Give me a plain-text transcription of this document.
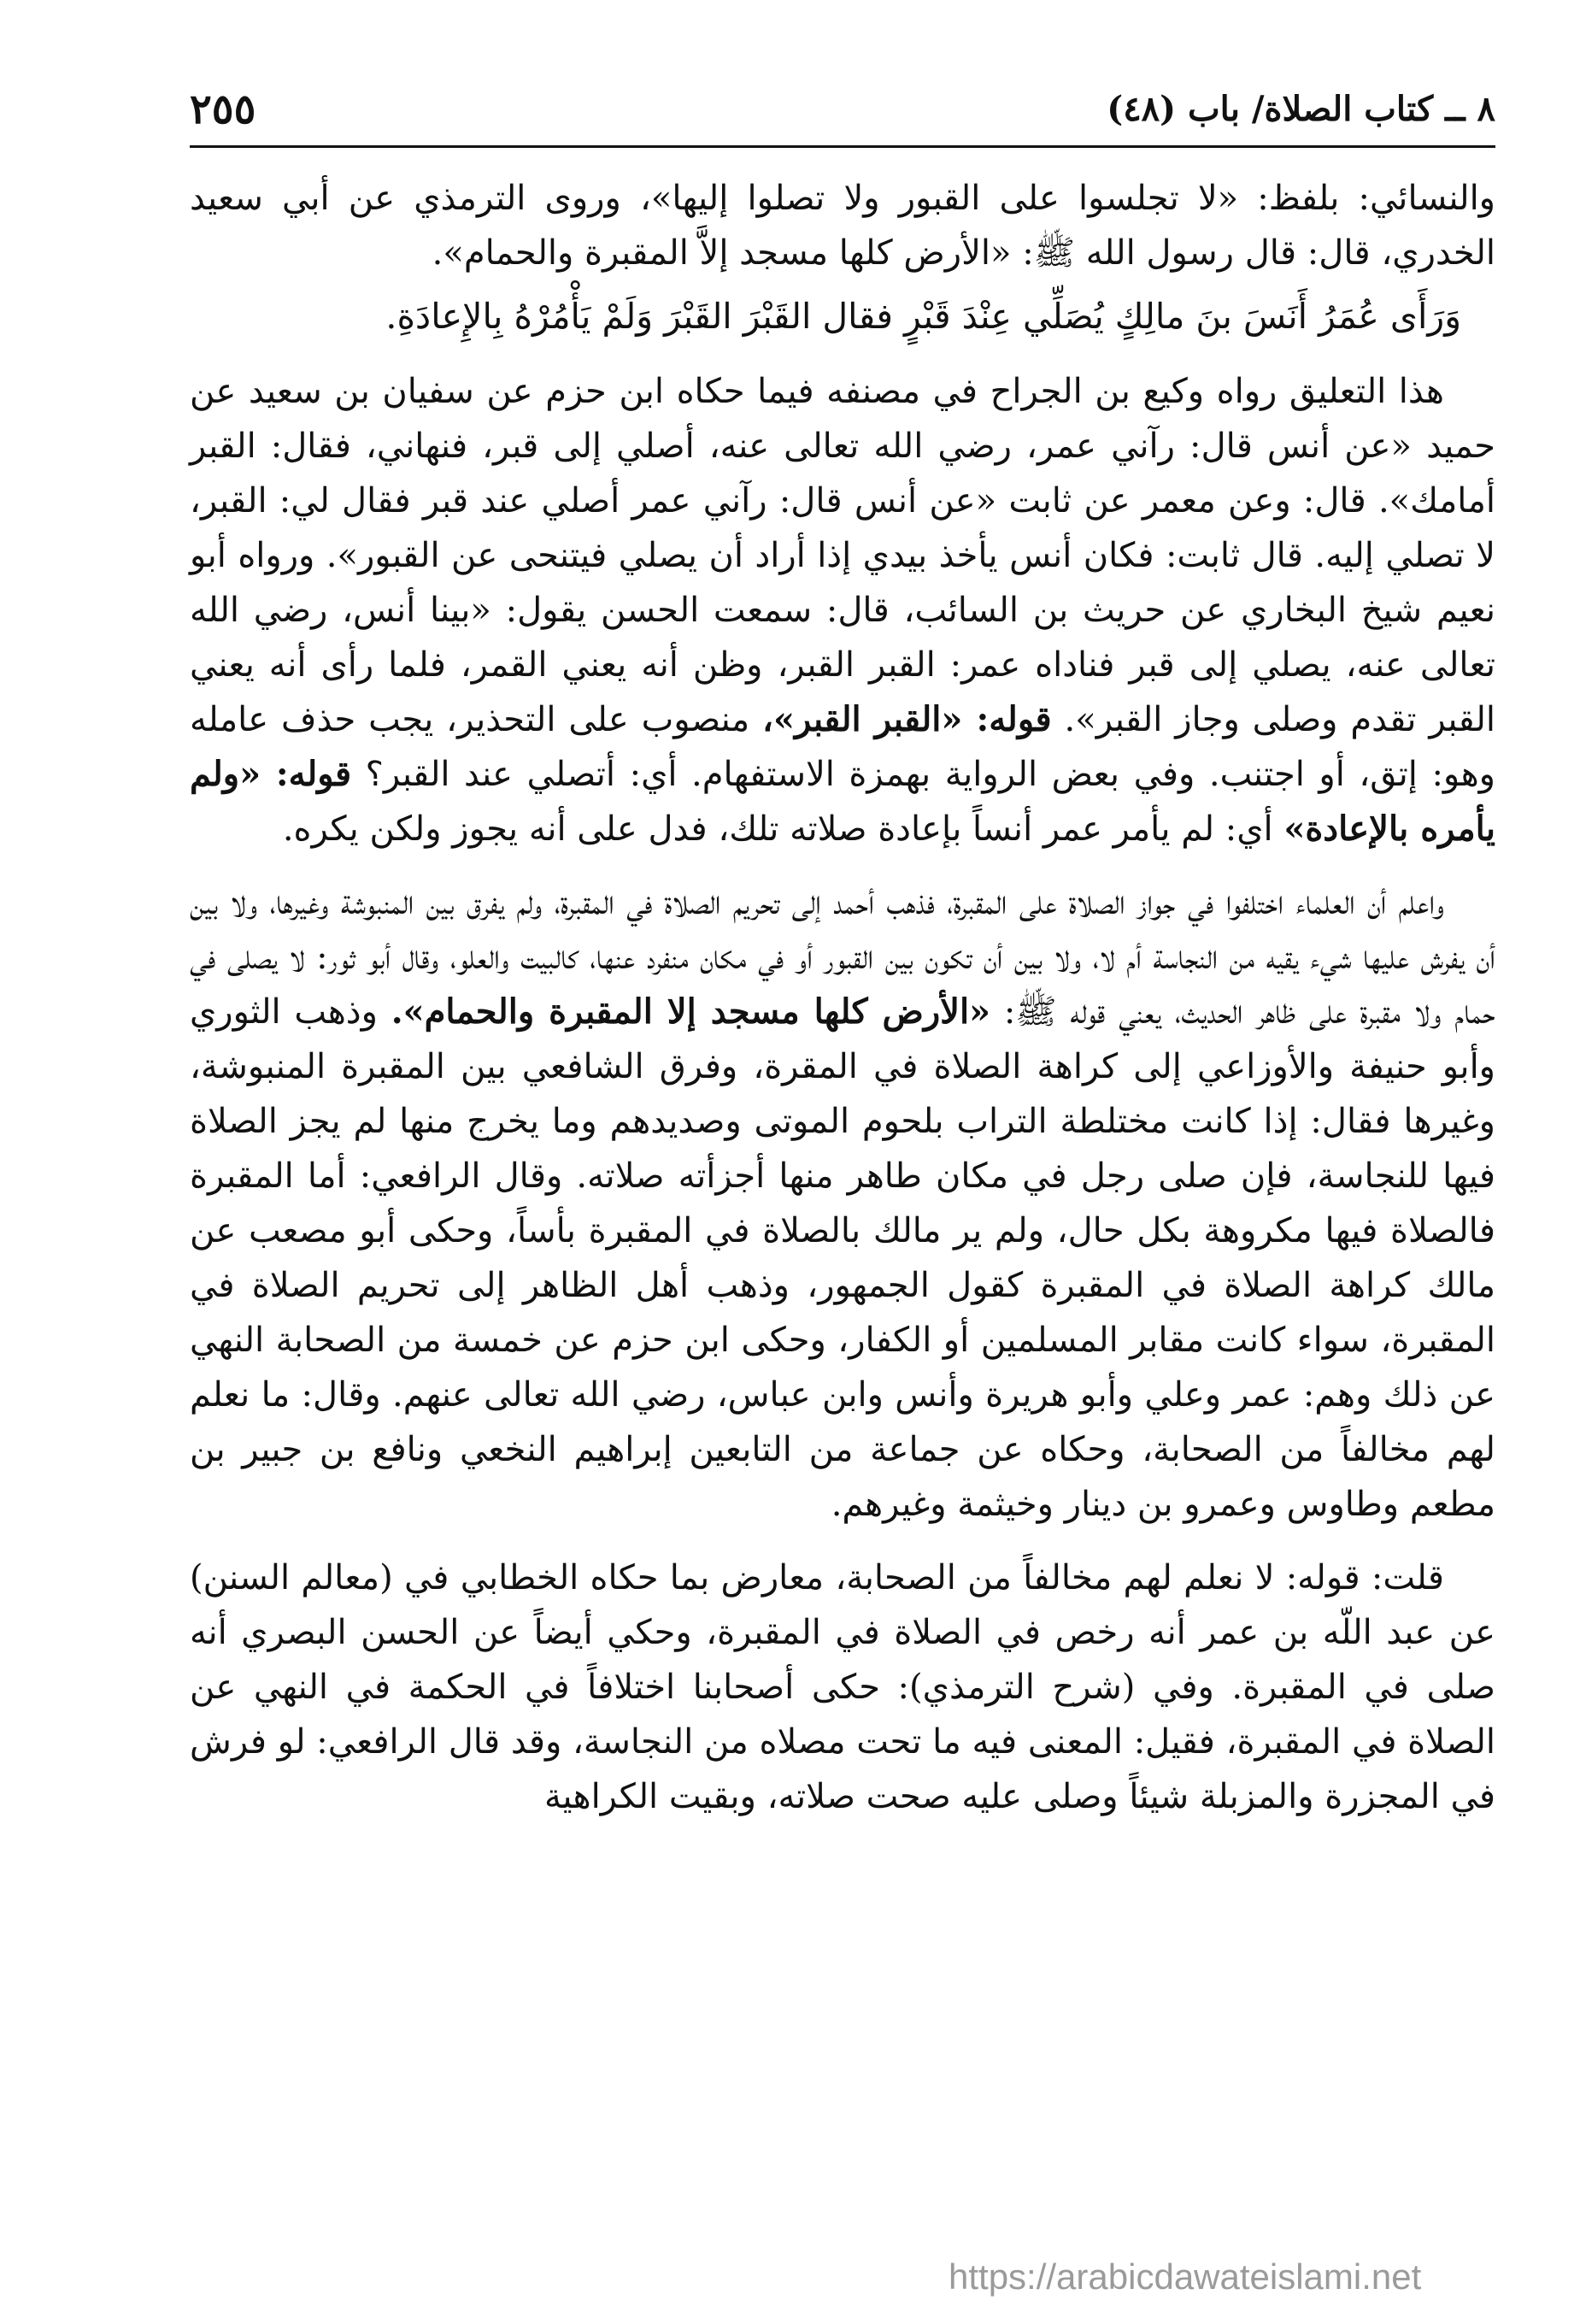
٨ ــ كتاب الصلاة/ باب (٤٨)
٢٥٥

والنسائي: بلفظ: «لا تجلسوا على القبور ولا تصلوا إليها»، وروى الترمذي عن أبي سعيد الخدري، قال: قال رسول الله ﷺ: «الأرض كلها مسجد إلاَّ المقبرة والحمام».

وَرَأَى عُمَرُ أَنَسَ بنَ مالِكٍ يُصَلِّي عِنْدَ قَبْرٍ فقال القَبْرَ القَبْرَ وَلَمْ يَأْمُرْهُ بِالإِعادَةِ.

هذا التعليق رواه وكيع بن الجراح في مصنفه فيما حكاه ابن حزم عن سفيان بن سعيد عن حميد «عن أنس قال: رآني عمر، رضي الله تعالى عنه، أصلي إلى قبر، فنهاني، فقال: القبر أمامك». قال: وعن معمر عن ثابت «عن أنس قال: رآني عمر أصلي عند قبر فقال لي: القبر، لا تصلي إليه. قال ثابت: فكان أنس يأخذ بيدي إذا أراد أن يصلي فيتنحى عن القبور». ورواه أبو نعيم شيخ البخاري عن حريث بن السائب، قال: سمعت الحسن يقول: «بينا أنس، رضي الله تعالى عنه، يصلي إلى قبر فناداه عمر: القبر القبر، وظن أنه يعني القمر، فلما رأى أنه يعني القبر تقدم وصلى وجاز القبر». قوله: «القبر القبر»، منصوب على التحذير، يجب حذف عامله وهو: إتق، أو اجتنب. وفي بعض الرواية بهمزة الاستفهام. أي: أتصلي عند القبر؟ قوله: «ولم يأمره بالإعادة» أي: لم يأمر عمر أنساً بإعادة صلاته تلك، فدل على أنه يجوز ولكن يكره.

واعلم أن العلماء اختلفوا في جواز الصلاة على المقبرة، فذهب أحمد إلى تحريم الصلاة في المقبرة، ولم يفرق بين المنبوشة وغيرها، ولا بين أن يفرش عليها شيء يقيه من النجاسة أم لا، ولا بين أن تكون بين القبور أو في مكان منفرد عنها، كالبيت والعلو، وقال أبو ثور: لا يصلى في حمام ولا مقبرة على ظاهر الحديث، يعني قوله ﷺ: «الأرض كلها مسجد إلا المقبرة والحمام». وذهب الثوري وأبو حنيفة والأوزاعي إلى كراهة الصلاة في المقرة، وفرق الشافعي بين المقبرة المنبوشة، وغيرها فقال: إذا كانت مختلطة التراب بلحوم الموتى وصديدهم وما يخرج منها لم يجز الصلاة فيها للنجاسة، فإن صلى رجل في مكان طاهر منها أجزأته صلاته. وقال الرافعي: أما المقبرة فالصلاة فيها مكروهة بكل حال، ولم ير مالك بالصلاة في المقبرة بأساً، وحكى أبو مصعب عن مالك كراهة الصلاة في المقبرة كقول الجمهور، وذهب أهل الظاهر إلى تحريم الصلاة في المقبرة، سواء كانت مقابر المسلمين أو الكفار، وحكى ابن حزم عن خمسة من الصحابة النهي عن ذلك وهم: عمر وعلي وأبو هريرة وأنس وابن عباس، رضي الله تعالى عنهم. وقال: ما نعلم لهم مخالفاً من الصحابة، وحكاه عن جماعة من التابعين إبراهيم النخعي ونافع بن جبير بن مطعم وطاوس وعمرو بن دينار وخيثمة وغيرهم.

قلت: قوله: لا نعلم لهم مخالفاً من الصحابة، معارض بما حكاه الخطابي في (معالم السنن) عن عبد اللّه بن عمر أنه رخص في الصلاة في المقبرة، وحكي أيضاً عن الحسن البصري أنه صلى في المقبرة. وفي (شرح الترمذي): حكى أصحابنا اختلافاً في الحكمة في النهي عن الصلاة في المقبرة، فقيل: المعنى فيه ما تحت مصلاه من النجاسة، وقد قال الرافعي: لو فرش في المجزرة والمزبلة شيئاً وصلى عليه صحت صلاته، وبقيت الكراهية

https://arabicdawateislami.net
